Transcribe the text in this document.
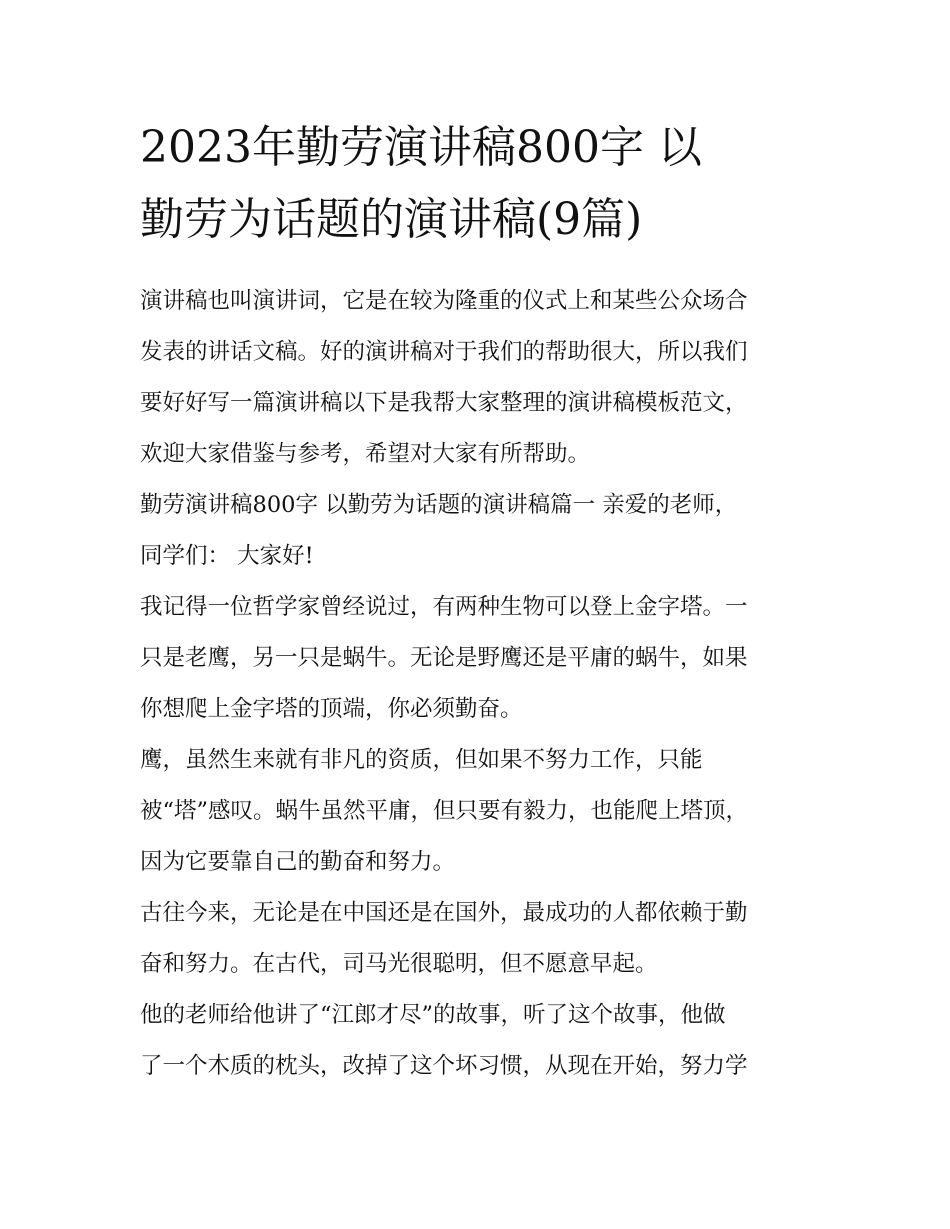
2023年勤劳演讲稿800字 以
勤劳为话题的演讲稿(9篇)
演讲稿也叫演讲词，它是在较为隆重的仪式上和某些公众场合
发表的讲话文稿。好的演讲稿对于我们的帮助很大，所以我们
要好好写一篇演讲稿以下是我帮大家整理的演讲稿模板范文，
欢迎大家借鉴与参考，希望对大家有所帮助。
勤劳演讲稿800字 以勤劳为话题的演讲稿篇一 亲爱的老师，
同学们： 大家好!
我记得一位哲学家曾经说过，有两种生物可以登上金字塔。一
只是老鹰，另一只是蜗牛。无论是野鹰还是平庸的蜗牛，如果
你想爬上金字塔的顶端，你必须勤奋。
鹰，虽然生来就有非凡的资质，但如果不努力工作，只能
被“塔”感叹。蜗牛虽然平庸，但只要有毅力，也能爬上塔顶，
因为它要靠自己的勤奋和努力。
古往今来，无论是在中国还是在国外，最成功的人都依赖于勤
奋和努力。在古代，司马光很聪明，但不愿意早起。
他的老师给他讲了“江郎才尽”的故事，听了这个故事，他做
了一个木质的枕头，改掉了这个坏习惯，从现在开始，努力学
